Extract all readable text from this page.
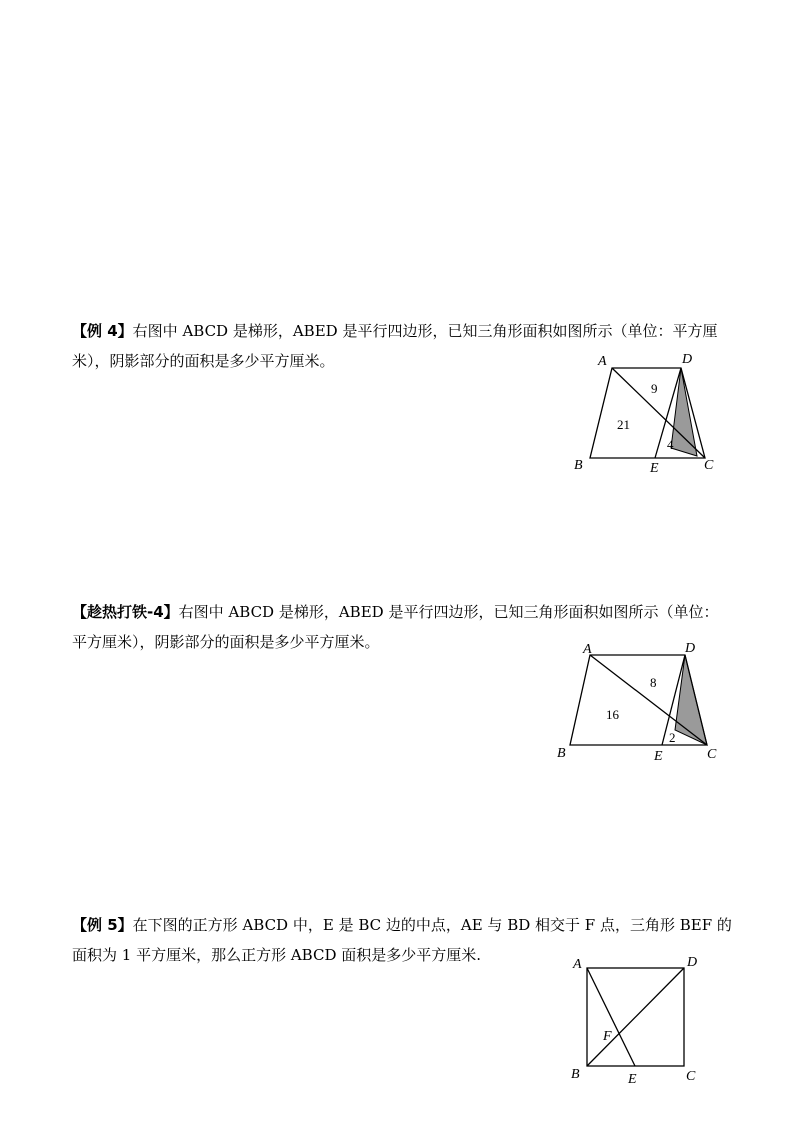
【例 4】右图中 ABCD 是梯形，ABED 是平行四边形，已知三角形面积如图所示（单位：平方厘米），阴影部分的面积是多少平方厘米。	A	D
B	E	C
9
21
4

【趁热打铁-4】右图中 ABCD 是梯形，ABED 是平行四边形，已知三角形面积如图所示（单位：平方厘米），阴影部分的面积是多少平方厘米。	A	D
B	E	C
8
16
2

【例 5】在下图的正方形 ABCD 中，E 是 BC 边的中点，AE 与 BD 相交于 F 点，三角形 BEF 的面积为 1 平方厘米，那么正方形 ABCD 面积是多少平方厘米.

A	D
B	E	C
F
